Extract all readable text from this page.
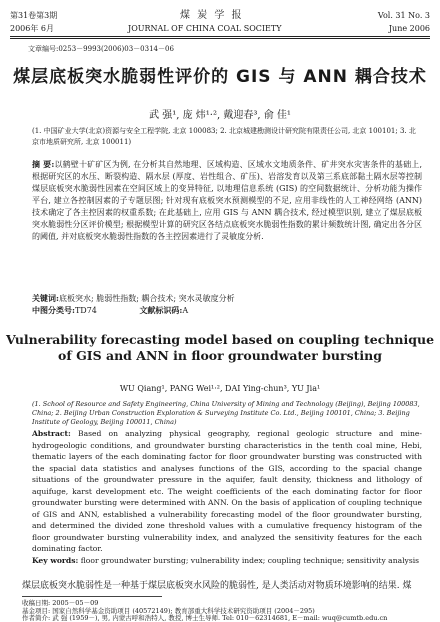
第31卷第3期	煤 炭 学 报	Vol. 31 No. 3
2006年 6月	JOURNAL OF CHINA COAL SOCIETY	June 2006
文章编号:0253－9993(2006)03－0314－06
煤层底板突水脆弱性评价的 GIS 与 ANN 耦合技术
武 强¹, 庞 炜¹·², 戴迎春³, 俞 佳¹
(1. 中国矿业大学(北京)资源与安全工程学院, 北京 100083; 2. 北京城建勘测设计研究院有限责任公司, 北京 100101; 3. 北京市地质研究所, 北京 100011)
摘 要:以鹤壁十矿矿区为例, 在分析其自然地理、区域构造、区域水文地质条件、矿井突水灾害条件的基础上, 根据研究区的水压、断裂构造、隔水层 (厚度、岩性组合、矿压)、岩溶发育以及第三系底部黏土隔水层等控制煤层底板突水脆弱性因素在空间区域上的变异特征, 以地理信息系统 (GIS) 的空间数据统计、分析功能为操作平台, 建立各控制因素的子专题层图; 针对现有底板突水预测模型的不足, 应用非线性的人工神经网络 (ANN) 技术确定了各主控因素的权重系数; 在此基础上, 应用 GIS 与 ANN 耦合技术, 经过模型识别, 建立了煤层底板突水脆弱性分区评价模型; 根据模型计算的研究区各结点底板突水脆弱性指数的累计频数统计图, 确定出各分区的阈值, 并对底板突水脆弱性指数的各主控因素进行了灵敏度分析.
关键词:底板突水; 脆弱性指数; 耦合技术; 突水灵敏度分析
中图分类号:TD74	文献标识码:A
Vulnerability forecasting model based on coupling technique of GIS and ANN in floor groundwater bursting
WU Qiang¹, PANG Wei¹·², DAI Ying-chun³, YU Jia¹
(1. School of Resource and Safety Engineering, China University of Mining and Technology (Beijing), Beijing 100083, China; 2. Beijing Urban Construction Exploration & Surveying Institute Co. Ltd., Beijing 100101, China; 3. Beijing Institute of Geology, Beijing 100011, China)
Abstract: Based on analyzing physical geography, regional geologic structure and mine-hydrogeologic conditions, and groundwater bursting characteristics in the tenth coal mine, Hebi, thematic layers of the each dominating factor for floor groundwater bursting was constructed with the spacial data statistics and analyses functions of the GIS, according to the spacial change situations of the groundwater pressure in the aquifer, fault density, thickness and lithology of aquifuge, karst development etc. The weight coefficients of the each dominating factor for floor groundwater bursting were determined with ANN. On the basis of application of coupling technique of GIS and ANN, established a vulnerability forecasting model of the floor groundwater bursting, and determined the divided zone threshold values with a cumulative frequency histogram of the floor groundwater bursting vulnerability index, and analyzed the sensitivity features for the each dominating factor.
Key words: floor groundwater bursting; vulnerability index; coupling technique; sensitivity analysis
煤层底板突水脆弱性是一种基于煤层底板突水风险的脆弱性, 是人类活动对物质环境影响的结果. 煤
收稿日期: 2005－05－09
基金项目: 国家自然科学基金资助项目 (40572149); 教育部重大科学技术研究资助项目 (2004－295)
作者简介: 武 强 (1959－), 男, 内蒙古呼和浩特人, 教授, 博士生导师. Tel: 010－62314681, E－mail: wuq@cumtb.edu.cn
